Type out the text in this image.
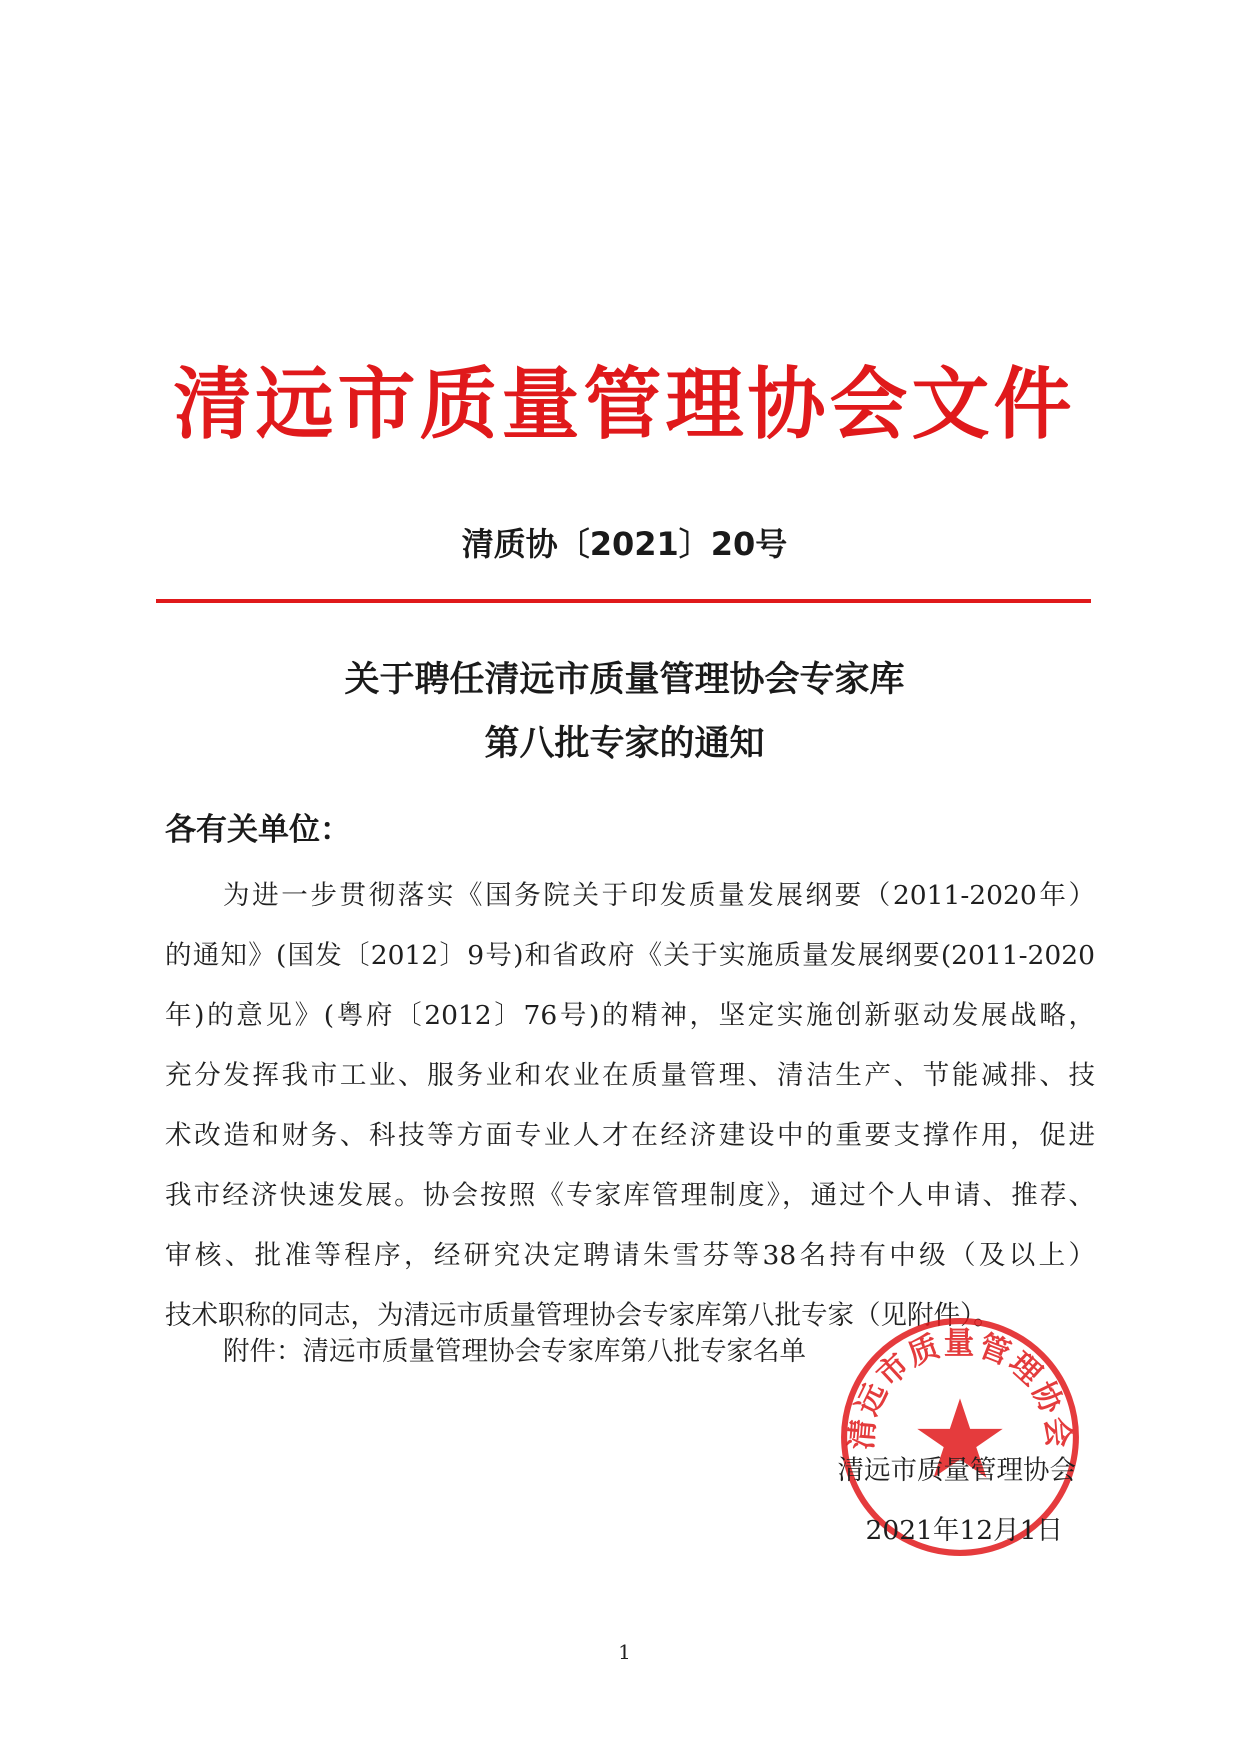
清远市质量管理协会文件
清质协〔2021〕20号
关于聘任清远市质量管理协会专家库
第八批专家的通知
各有关单位：
为进一步贯彻落实《国务院关于印发质量发展纲要（2011-2020年）
的通知》(国发〔2012〕9号)和省政府《关于实施质量发展纲要(2011-2020
年)的意见》(粤府〔2012〕76号)的精神，坚定实施创新驱动发展战略，
充分发挥我市工业、服务业和农业在质量管理、清洁生产、节能减排、技
术改造和财务、科技等方面专业人才在经济建设中的重要支撑作用，促进
我市经济快速发展。协会按照《专家库管理制度》，通过个人申请、推荐、
审核、批准等程序，经研究决定聘请朱雪芬等38名持有中级（及以上）
技术职称的同志，为清远市质量管理协会专家库第八批专家（见附件）。
附件：清远市质量管理协会专家库第八批专家名单
清远市质量管理协会
清远市质量管理协会
2021年12月1日
1
